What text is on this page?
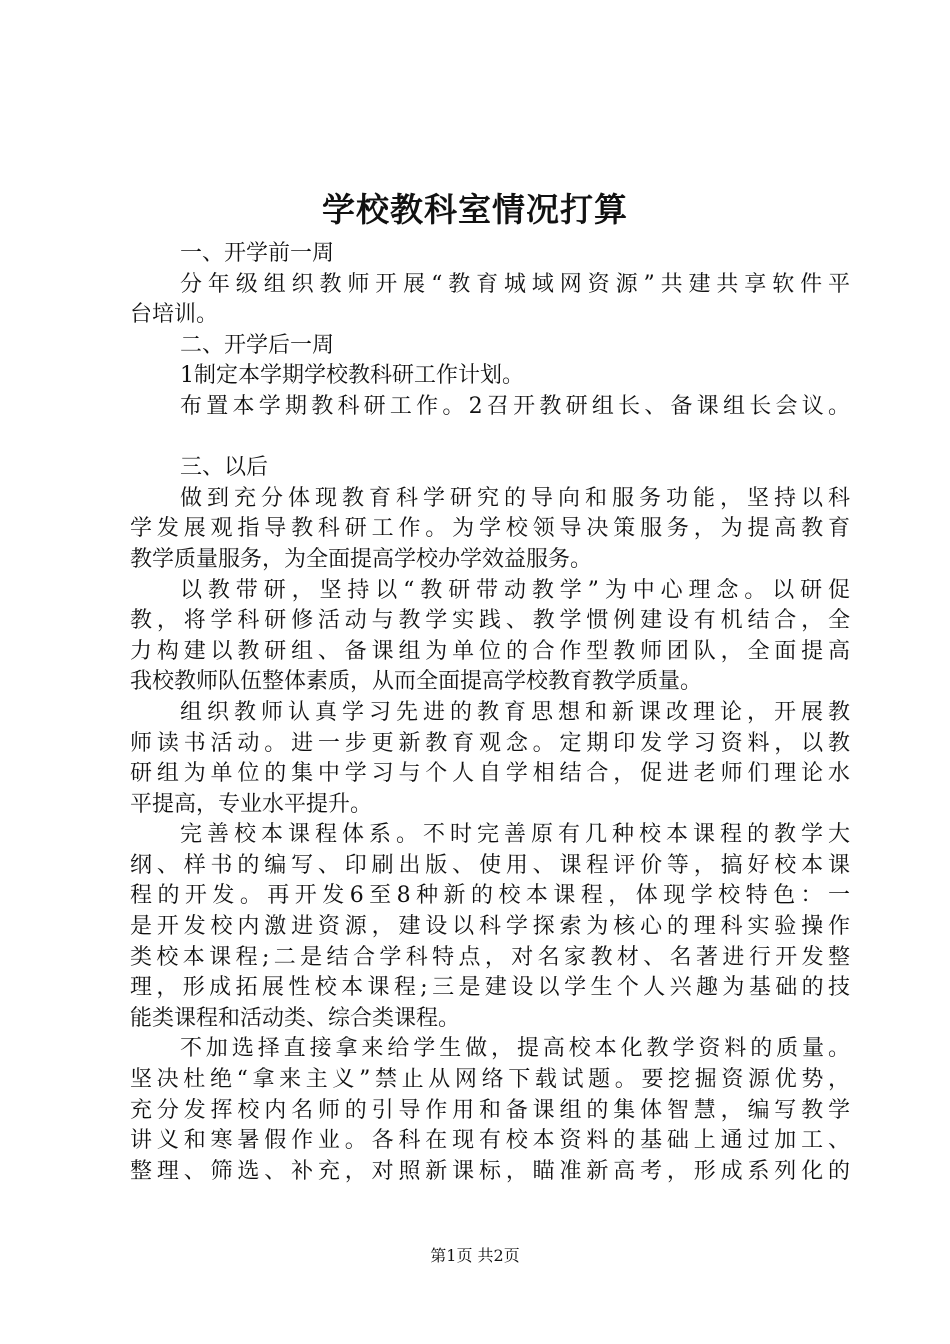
学校教科室情况打算
一、开学前一周
分年级组织教师开展“教育城域网资源”共建共享软件平
台培训。
二、开学后一周
1制定本学期学校教科研工作计划。
布置本学期教科研工作。2召开教研组长、备课组长会议。
三、以后
做到充分体现教育科学研究的导向和服务功能，坚持以科
学发展观指导教科研工作。为学校领导决策服务，为提高教育
教学质量服务，为全面提高学校办学效益服务。
以教带研，坚持以“教研带动教学”为中心理念。以研促
教，将学科研修活动与教学实践、教学惯例建设有机结合，全
力构建以教研组、备课组为单位的合作型教师团队，全面提高
我校教师队伍整体素质，从而全面提高学校教育教学质量。
组织教师认真学习先进的教育思想和新课改理论，开展教
师读书活动。进一步更新教育观念。定期印发学习资料，以教
研组为单位的集中学习与个人自学相结合，促进老师们理论水
平提高，专业水平提升。
完善校本课程体系。不时完善原有几种校本课程的教学大
纲、样书的编写、印刷出版、使用、课程评价等，搞好校本课
程的开发。再开发6至8种新的校本课程，体现学校特色：一
是开发校内激进资源，建设以科学探索为核心的理科实验操作
类校本课程;二是结合学科特点，对名家教材、名著进行开发整
理，形成拓展性校本课程;三是建设以学生个人兴趣为基础的技
能类课程和活动类、综合类课程。
不加选择直接拿来给学生做，提高校本化教学资料的质量。
坚决杜绝“拿来主义”禁止从网络下载试题。要挖掘资源优势，
充分发挥校内名师的引导作用和备课组的集体智慧，编写教学
讲义和寒暑假作业。各科在现有校本资料的基础上通过加工、
整理、筛选、补充，对照新课标，瞄准新高考，形成系列化的
第1页 共2页
